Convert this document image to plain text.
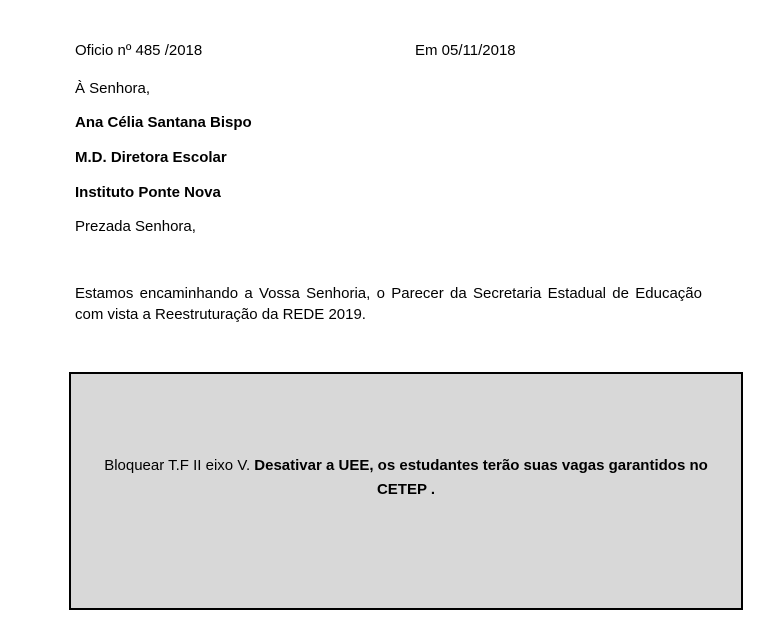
Oficio nº 485 /2018	Em 05/11/2018
À Senhora,
Ana Célia Santana Bispo
M.D. Diretora Escolar
Instituto Ponte Nova
Prezada Senhora,

Estamos encaminhando a Vossa Senhoria, o Parecer da Secretaria Estadual de Educação com vista a Reestruturação da REDE 2019.

Bloquear T.F II eixo V. Desativar a UEE, os estudantes terão suas vagas garantidos no CETEP .
